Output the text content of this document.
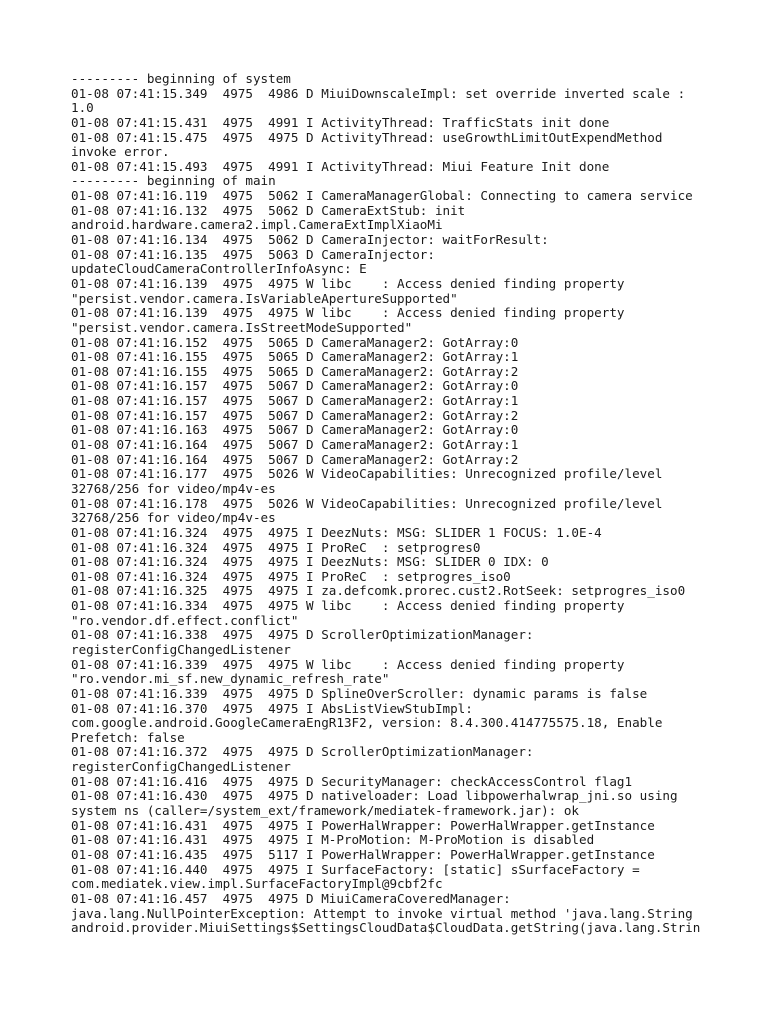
--------- beginning of system
01-08 07:41:15.349  4975  4986 D MiuiDownscaleImpl: set override inverted scale :
1.0
01-08 07:41:15.431  4975  4991 I ActivityThread: TrafficStats init done
01-08 07:41:15.475  4975  4975 D ActivityThread: useGrowthLimitOutExpendMethod
invoke error.
01-08 07:41:15.493  4975  4991 I ActivityThread: Miui Feature Init done
--------- beginning of main
01-08 07:41:16.119  4975  5062 I CameraManagerGlobal: Connecting to camera service
01-08 07:41:16.132  4975  5062 D CameraExtStub: init
android.hardware.camera2.impl.CameraExtImplXiaoMi
01-08 07:41:16.134  4975  5062 D CameraInjector: waitForResult:
01-08 07:41:16.135  4975  5063 D CameraInjector:
updateCloudCameraControllerInfoAsync: E
01-08 07:41:16.139  4975  4975 W libc    : Access denied finding property
"persist.vendor.camera.IsVariableApertureSupported"
01-08 07:41:16.139  4975  4975 W libc    : Access denied finding property
"persist.vendor.camera.IsStreetModeSupported"
01-08 07:41:16.152  4975  5065 D CameraManager2: GotArray:0
01-08 07:41:16.155  4975  5065 D CameraManager2: GotArray:1
01-08 07:41:16.155  4975  5065 D CameraManager2: GotArray:2
01-08 07:41:16.157  4975  5067 D CameraManager2: GotArray:0
01-08 07:41:16.157  4975  5067 D CameraManager2: GotArray:1
01-08 07:41:16.157  4975  5067 D CameraManager2: GotArray:2
01-08 07:41:16.163  4975  5067 D CameraManager2: GotArray:0
01-08 07:41:16.164  4975  5067 D CameraManager2: GotArray:1
01-08 07:41:16.164  4975  5067 D CameraManager2: GotArray:2
01-08 07:41:16.177  4975  5026 W VideoCapabilities: Unrecognized profile/level
32768/256 for video/mp4v-es
01-08 07:41:16.178  4975  5026 W VideoCapabilities: Unrecognized profile/level
32768/256 for video/mp4v-es
01-08 07:41:16.324  4975  4975 I DeezNuts: MSG: SLIDER 1 FOCUS: 1.0E-4
01-08 07:41:16.324  4975  4975 I ProReC  : setprogres0
01-08 07:41:16.324  4975  4975 I DeezNuts: MSG: SLIDER 0 IDX: 0
01-08 07:41:16.324  4975  4975 I ProReC  : setprogres_iso0
01-08 07:41:16.325  4975  4975 I za.defcomk.prorec.cust2.RotSeek: setprogres_iso0
01-08 07:41:16.334  4975  4975 W libc    : Access denied finding property
"ro.vendor.df.effect.conflict"
01-08 07:41:16.338  4975  4975 D ScrollerOptimizationManager:
registerConfigChangedListener
01-08 07:41:16.339  4975  4975 W libc    : Access denied finding property
"ro.vendor.mi_sf.new_dynamic_refresh_rate"
01-08 07:41:16.339  4975  4975 D SplineOverScroller: dynamic params is false
01-08 07:41:16.370  4975  4975 I AbsListViewStubImpl:
com.google.android.GoogleCameraEngR13F2, version: 8.4.300.414775575.18, Enable
Prefetch: false
01-08 07:41:16.372  4975  4975 D ScrollerOptimizationManager:
registerConfigChangedListener
01-08 07:41:16.416  4975  4975 D SecurityManager: checkAccessControl flag1
01-08 07:41:16.430  4975  4975 D nativeloader: Load libpowerhalwrap_jni.so using
system ns (caller=/system_ext/framework/mediatek-framework.jar): ok
01-08 07:41:16.431  4975  4975 I PowerHalWrapper: PowerHalWrapper.getInstance
01-08 07:41:16.431  4975  4975 I M-ProMotion: M-ProMotion is disabled
01-08 07:41:16.435  4975  5117 I PowerHalWrapper: PowerHalWrapper.getInstance
01-08 07:41:16.440  4975  4975 I SurfaceFactory: [static] sSurfaceFactory =
com.mediatek.view.impl.SurfaceFactoryImpl@9cbf2fc
01-08 07:41:16.457  4975  4975 D MiuiCameraCoveredManager:
java.lang.NullPointerException: Attempt to invoke virtual method 'java.lang.String
android.provider.MiuiSettings$SettingsCloudData$CloudData.getString(java.lang.Strin
